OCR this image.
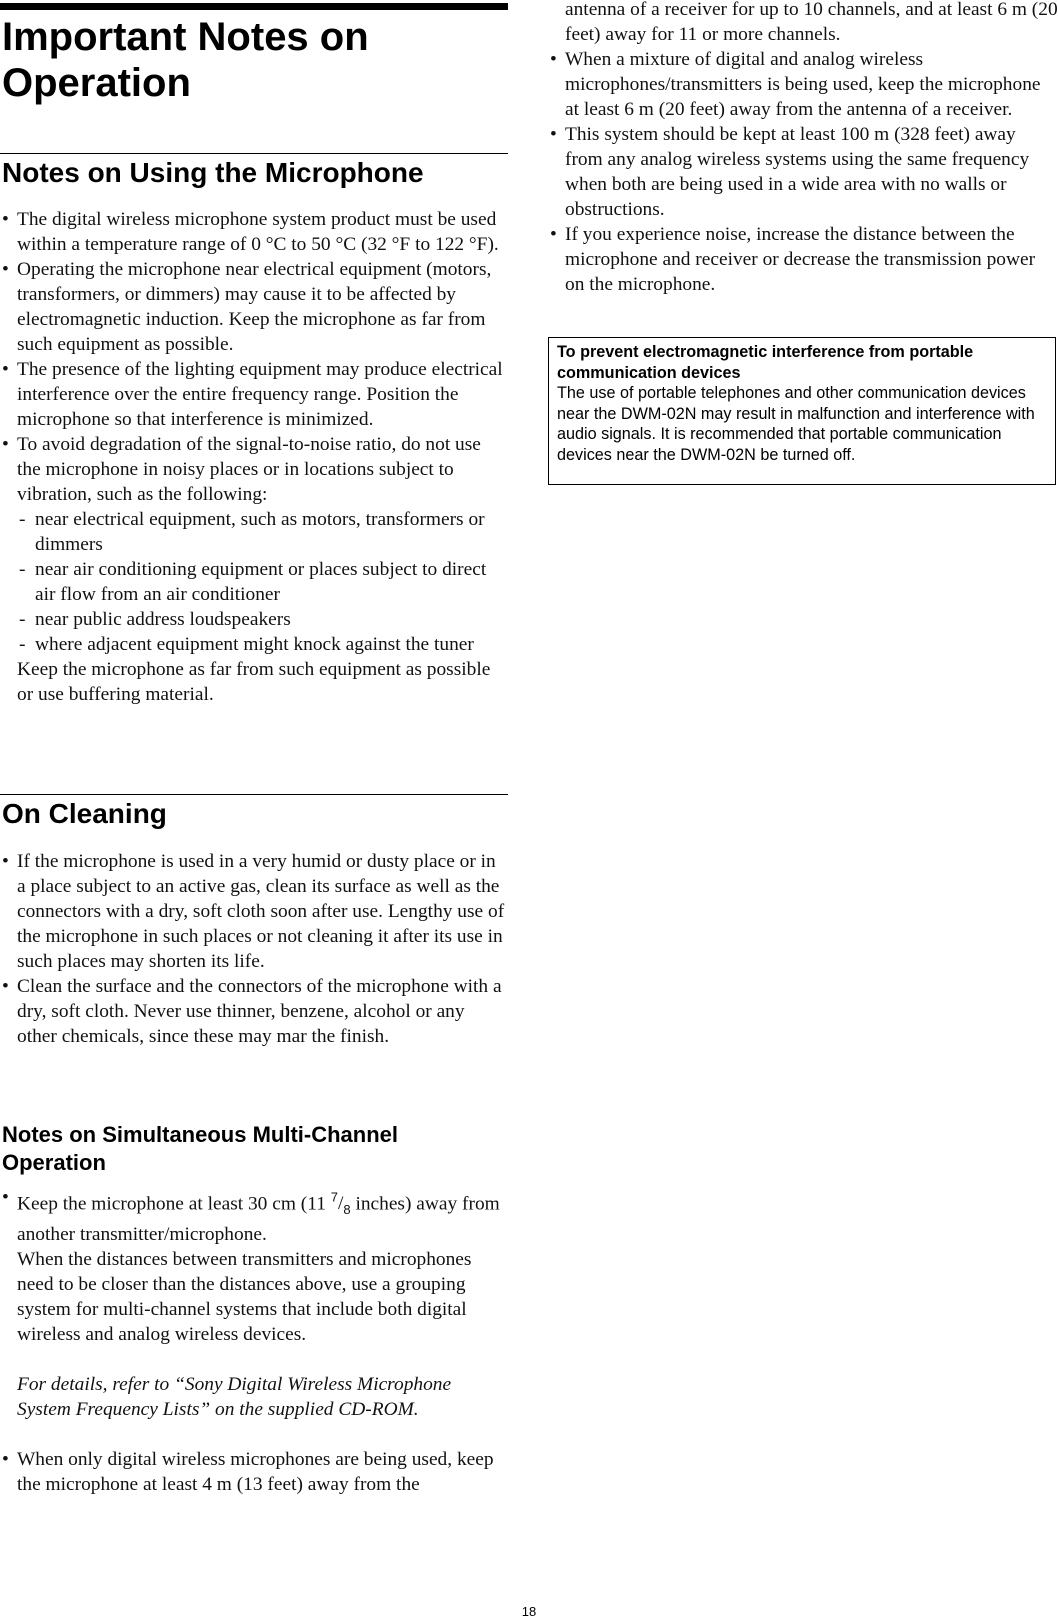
Important Notes on Operation
Notes on Using the Microphone
• The digital wireless microphone system product must be used within a temperature range of 0 °C to 50 °C (32 °F to 122 °F).
• Operating the microphone near electrical equipment (motors, transformers, or dimmers) may cause it to be affected by electromagnetic induction. Keep the microphone as far from such equipment as possible.
• The presence of the lighting equipment may produce electrical interference over the entire frequency range. Position the microphone so that interference is minimized.
• To avoid degradation of the signal-to-noise ratio, do not use the microphone in noisy places or in locations subject to vibration, such as the following:
- near electrical equipment, such as motors, transformers or dimmers
- near air conditioning equipment or places subject to direct air flow from an air conditioner
- near public address loudspeakers
- where adjacent equipment might knock against the tuner
Keep the microphone as far from such equipment as possible or use buffering material.
On Cleaning
• If the microphone is used in a very humid or dusty place or in a place subject to an active gas, clean its surface as well as the connectors with a dry, soft cloth soon after use. Lengthy use of the microphone in such places or not cleaning it after its use in such places may shorten its life.
• Clean the surface and the connectors of the microphone with a dry, soft cloth. Never use thinner, benzene, alcohol or any other chemicals, since these may mar the finish.
Notes on Simultaneous Multi-Channel Operation
• Keep the microphone at least 30 cm (11 $^7/_8$ inches) away from another transmitter/microphone.
When the distances between transmitters and microphones need to be closer than the distances above, use a grouping system for multi-channel systems that include both digital wireless and analog wireless devices.
For details, refer to “Sony Digital Wireless Microphone System Frequency Lists” on the supplied CD-ROM.
• When only digital wireless microphones are being used, keep the microphone at least 4 m (13 feet) away from the
antenna of a receiver for up to 10 channels, and at least 6 m (20 feet) away for 11 or more channels.
• When a mixture of digital and analog wireless microphones/transmitters is being used, keep the microphone at least 6 m (20 feet) away from the antenna of a receiver.
• This system should be kept at least 100 m (328 feet) away from any analog wireless systems using the same frequency when both are being used in a wide area with no walls or obstructions.
• If you experience noise, increase the distance between the microphone and receiver or decrease the transmission power on the microphone.
To prevent electromagnetic interference from portable communication devices
The use of portable telephones and other communication devices near the DWM-02N may result in malfunction and interference with audio signals. It is recommended that portable communication devices near the DWM-02N be turned off.
18
